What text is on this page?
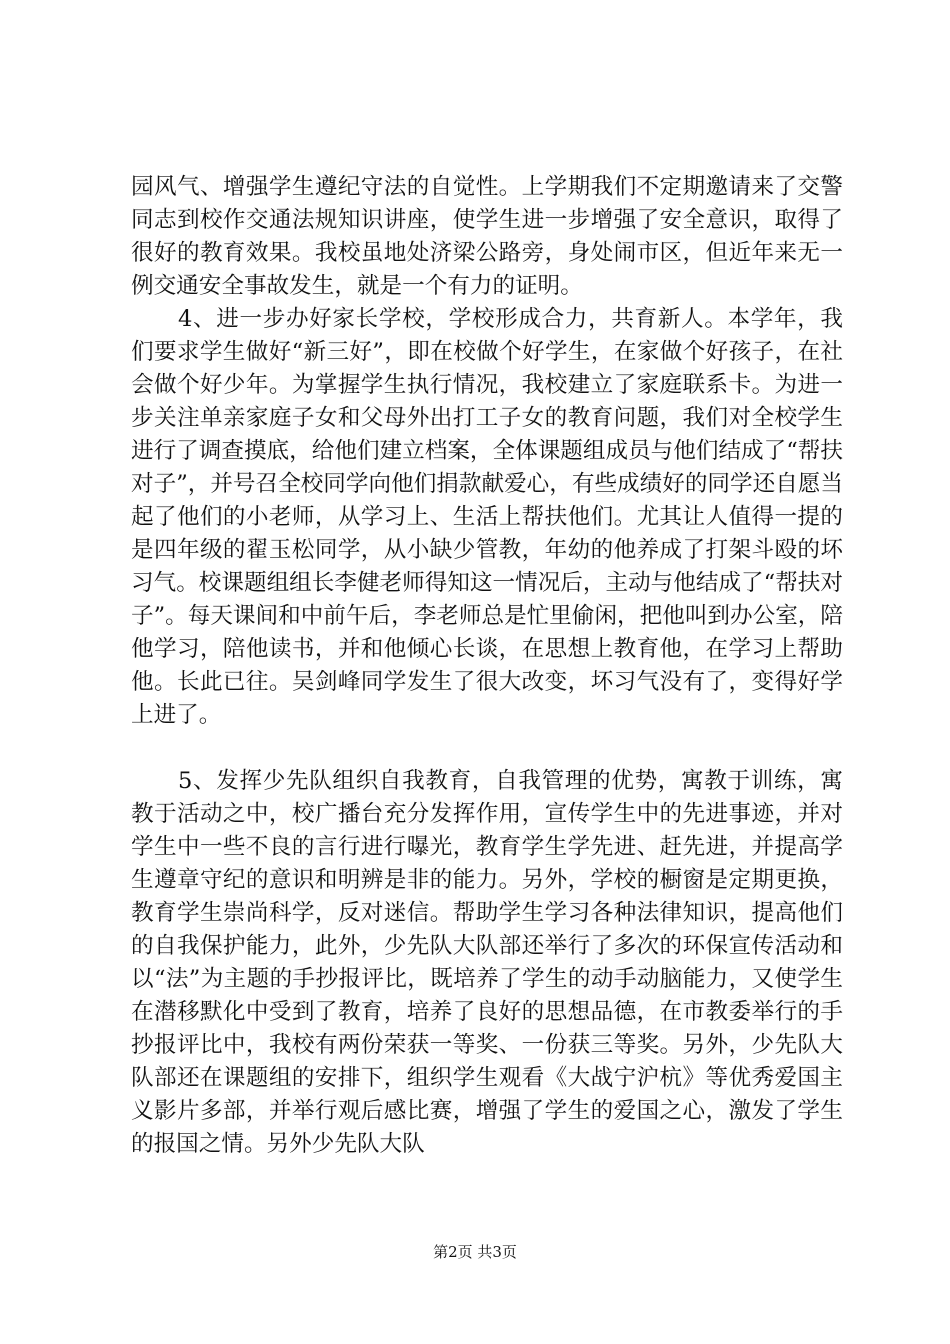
园风气、增强学生遵纪守法的自觉性。上学期我们不定期邀请来了交警同志到校作交通法规知识讲座，使学生进一步增强了安全意识，取得了很好的教育效果。我校虽地处济梁公路旁，身处闹市区，但近年来无一例交通安全事故发生，就是一个有力的证明。

4、进一步办好家长学校，学校形成合力，共育新人。本学年，我们要求学生做好“新三好”，即在校做个好学生，在家做个好孩子，在社会做个好少年。为掌握学生执行情况，我校建立了家庭联系卡。为进一步关注单亲家庭子女和父母外出打工子女的教育问题，我们对全校学生进行了调查摸底，给他们建立档案，全体课题组成员与他们结成了“帮扶对子”，并号召全校同学向他们捐款献爱心，有些成绩好的同学还自愿当起了他们的小老师，从学习上、生活上帮扶他们。尤其让人值得一提的是四年级的翟玉松同学，从小缺少管教，年幼的他养成了打架斗殴的坏习气。校课题组组长李健老师得知这一情况后，主动与他结成了“帮扶对子”。每天课间和中前午后，李老师总是忙里偷闲，把他叫到办公室，陪他学习，陪他读书，并和他倾心长谈，在思想上教育他，在学习上帮助他。长此已往。吴剑峰同学发生了很大改变，坏习气没有了，变得好学上进了。

5、发挥少先队组织自我教育，自我管理的优势，寓教于训练，寓教于活动之中，校广播台充分发挥作用，宣传学生中的先进事迹，并对学生中一些不良的言行进行曝光，教育学生学先进、赶先进，并提高学生遵章守纪的意识和明辨是非的能力。另外，学校的橱窗是定期更换，教育学生崇尚科学，反对迷信。帮助学生学习各种法律知识，提高他们的自我保护能力，此外，少先队大队部还举行了多次的环保宣传活动和以“法”为主题的手抄报评比，既培养了学生的动手动脑能力，又使学生在潜移默化中受到了教育，培养了良好的思想品德，在市教委举行的手抄报评比中，我校有两份荣获一等奖、一份获三等奖。另外，少先队大队部还在课题组的安排下，组织学生观看《大战宁沪杭》等优秀爱国主义影片多部，并举行观后感比赛，增强了学生的爱国之心，激发了学生的报国之情。另外少先队大队

第2页 共3页
